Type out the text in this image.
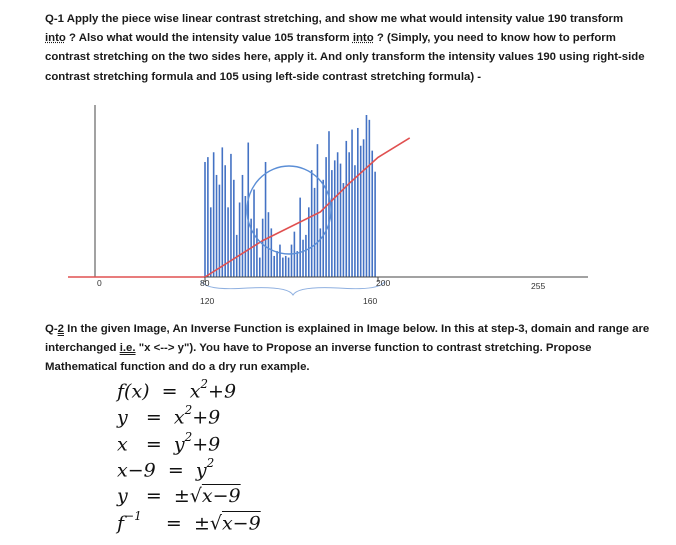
Q-1 Apply the piece wise linear contrast stretching, and show me what would intensity value 190 transform into ? Also what would the intensity value 105 transform into ? (Simply, you need to know how to perform contrast stretching on the two sides here, apply it. And only transform the intensity values 190 using right-side contrast stretching formula and 105 using left-side contrast stretching formula) -
0	80	200	255
120	160
Q-2 In the given Image, An Inverse Function is explained in Image below. In this at step-3, domain and range are interchanged i.e. "x <--> y"). You have to Propose an inverse function to contrast stretching. Propose Mathematical function and do a dry run example.
$f(x) = x^2+9$
$y = x^2+9$
$x = y^2+9$
$x-9 = y^2$
y = ±√x−9
$f^{-1} = \pm√x-9$
